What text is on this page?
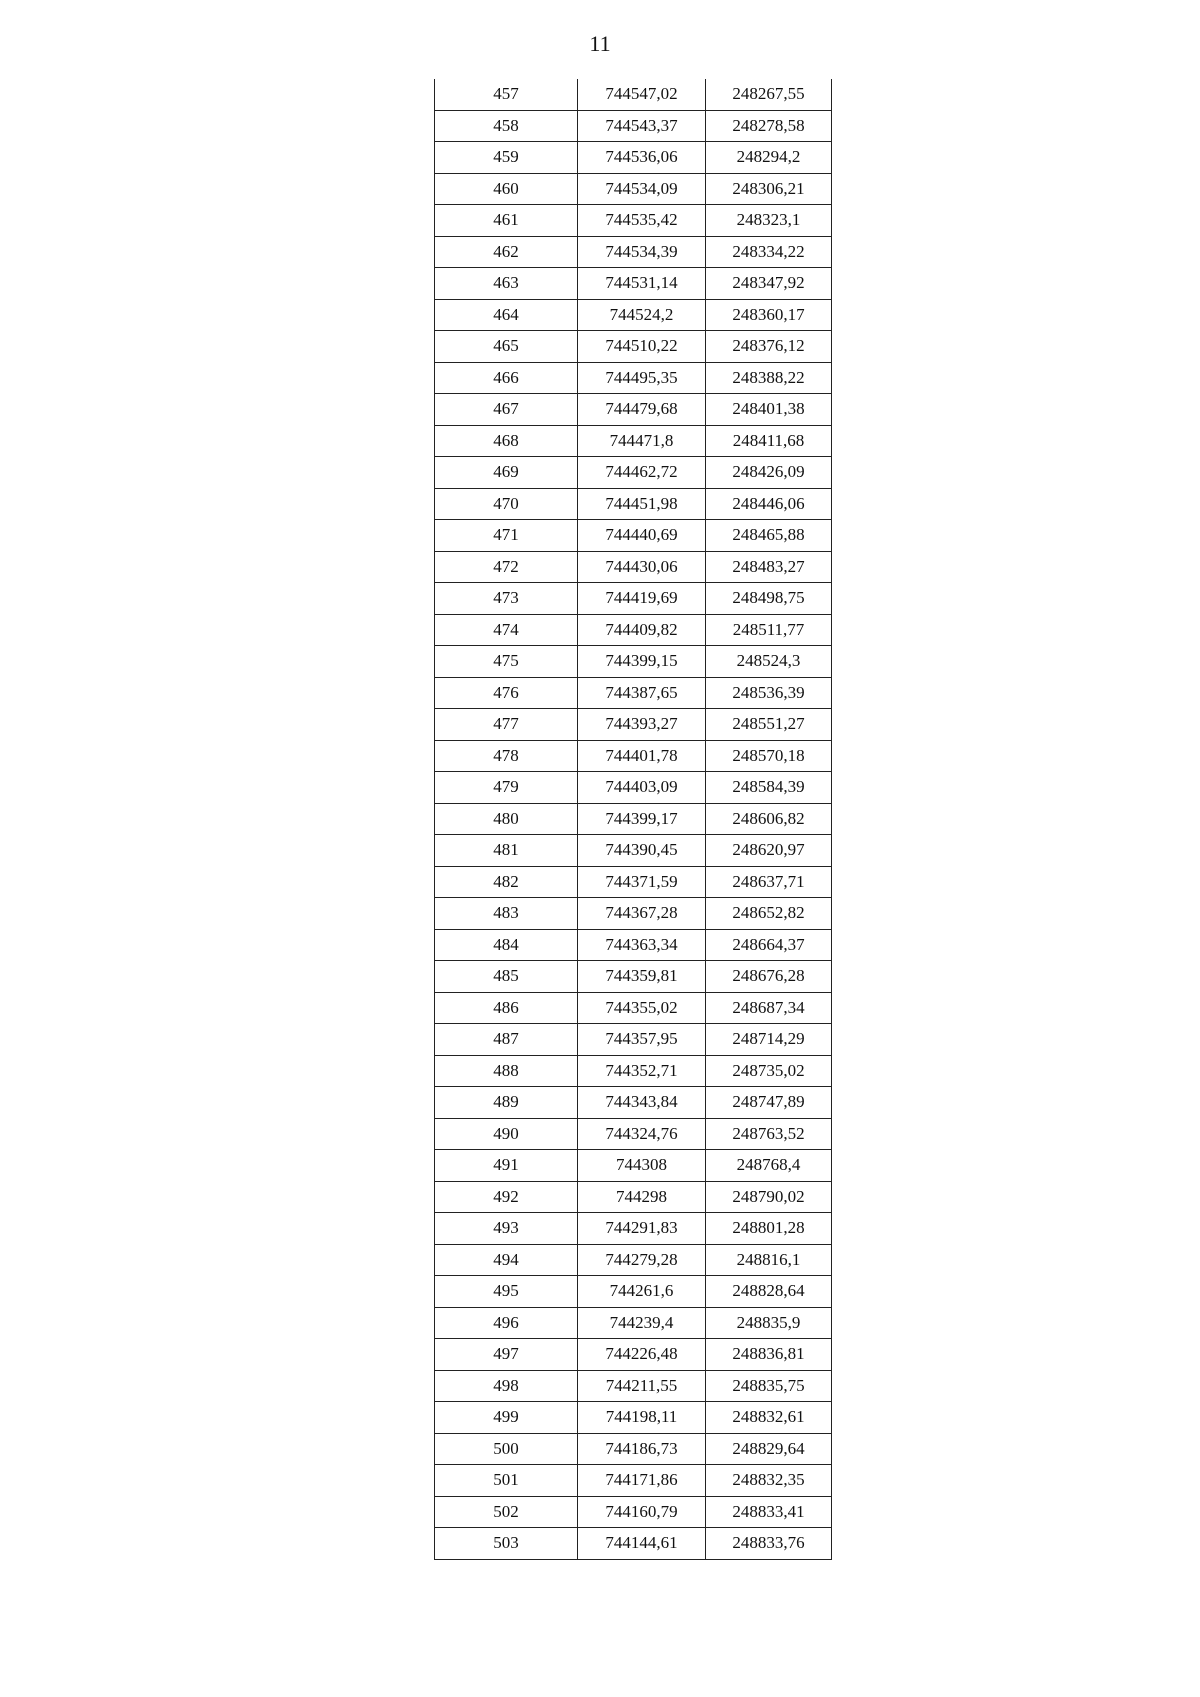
11
457	744547,02	248267,55
458	744543,37	248278,58
459	744536,06	248294,2
460	744534,09	248306,21
461	744535,42	248323,1
462	744534,39	248334,22
463	744531,14	248347,92
464	744524,2	248360,17
465	744510,22	248376,12
466	744495,35	248388,22
467	744479,68	248401,38
468	744471,8	248411,68
469	744462,72	248426,09
470	744451,98	248446,06
471	744440,69	248465,88
472	744430,06	248483,27
473	744419,69	248498,75
474	744409,82	248511,77
475	744399,15	248524,3
476	744387,65	248536,39
477	744393,27	248551,27
478	744401,78	248570,18
479	744403,09	248584,39
480	744399,17	248606,82
481	744390,45	248620,97
482	744371,59	248637,71
483	744367,28	248652,82
484	744363,34	248664,37
485	744359,81	248676,28
486	744355,02	248687,34
487	744357,95	248714,29
488	744352,71	248735,02
489	744343,84	248747,89
490	744324,76	248763,52
491	744308	248768,4
492	744298	248790,02
493	744291,83	248801,28
494	744279,28	248816,1
495	744261,6	248828,64
496	744239,4	248835,9
497	744226,48	248836,81
498	744211,55	248835,75
499	744198,11	248832,61
500	744186,73	248829,64
501	744171,86	248832,35
502	744160,79	248833,41
503	744144,61	248833,76
